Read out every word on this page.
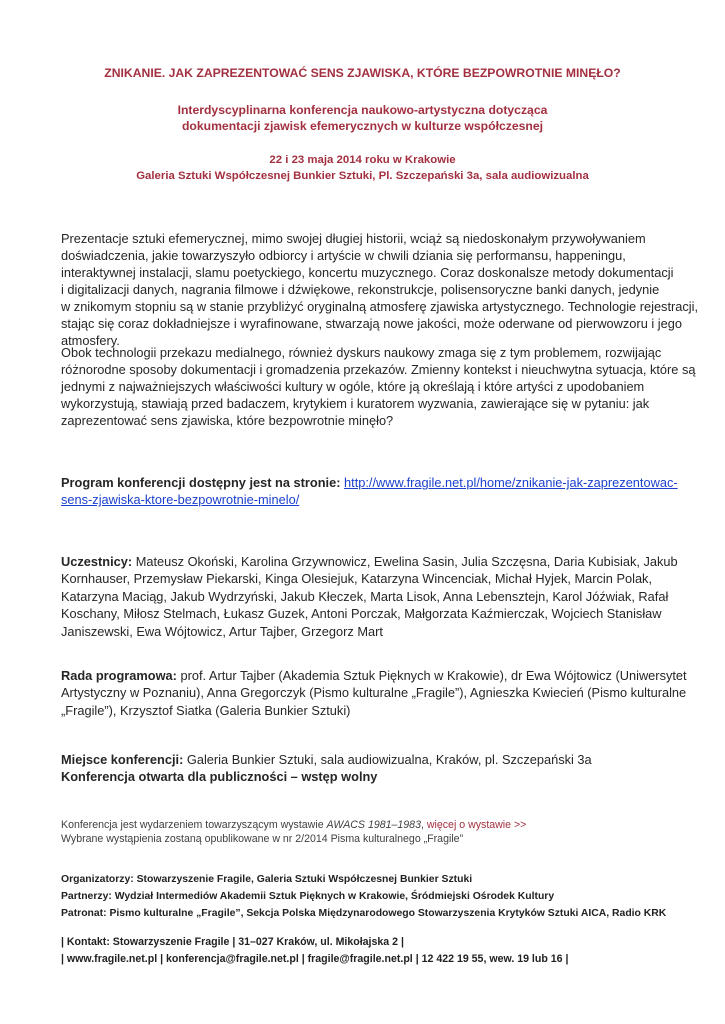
ZNIKANIE. JAK ZAPREZENTOWAĆ SENS ZJAWISKA, KTÓRE BEZPOWROTNIE MINĘŁO?
Interdyscyplinarna konferencja naukowo-artystyczna dotycząca
dokumentacji zjawisk efemerycznych w kulturze współczesnej
22 i 23 maja 2014 roku w Krakowie
Galeria Sztuki Współczesnej Bunkier Sztuki, Pl. Szczepański 3a, sala audiowizualna

Prezentacje sztuki efemerycznej, mimo swojej długiej historii, wciąż są niedoskonałym przywoływaniem
doświadczenia, jakie towarzyszyło odbiorcy i artyście w chwili dziania się performansu, happeningu,
interaktywnej instalacji, slamu poetyckiego, koncertu muzycznego. Coraz doskonalsze metody dokumentacji
i digitalizacji danych, nagrania filmowe i dźwiękowe, rekonstrukcje, polisensoryczne banki danych, jedynie
w znikomym stopniu są w stanie przybliżyć oryginalną atmosferę zjawiska artystycznego. Technologie rejestracji,
stając się coraz dokładniejsze i wyrafinowane, stwarzają nowe jakości, może oderwane od pierwowzoru i jego
atmosfery.

Obok technologii przekazu medialnego, również dyskurs naukowy zmaga się z tym problemem, rozwijając
różnorodne sposoby dokumentacji i gromadzenia przekazów. Zmienny kontekst i nieuchwytna sytuacja, które są
jednymi z najważniejszych właściwości kultury w ogóle, które ją określają i które artyści z upodobaniem
wykorzystują, stawiają przed badaczem, krytykiem i kuratorem wyzwania, zawierające się w pytaniu: jak
zaprezentować sens zjawiska, które bezpowrotnie minęło?

Program konferencji dostępny jest na stronie: http://www.fragile.net.pl/home/znikanie-jak-zaprezentowac-
sens-zjawiska-ktore-bezpowrotnie-minelo/
Uczestnicy: Mateusz Okoński, Karolina Grzywnowicz, Ewelina Sasin, Julia Szczęsna, Daria Kubisiak, Jakub
Kornhauser, Przemysław Piekarski, Kinga Olesiejuk, Katarzyna Wincenciak, Michał Hyjek, Marcin Polak,
Katarzyna Maciąg, Jakub Wydrzyński, Jakub Kłeczek, Marta Lisok, Anna Lebensztejn, Karol Jóźwiak, Rafał
Koschany, Miłosz Stelmach, Łukasz Guzek, Antoni Porczak, Małgorzata Kaźmierczak, Wojciech Stanisław
Janiszewski, Ewa Wójtowicz, Artur Tajber, Grzegorz Mart
Rada programowa: prof. Artur Tajber (Akademia Sztuk Pięknych w Krakowie), dr Ewa Wójtowicz (Uniwersytet
Artystyczny w Poznaniu), Anna Gregorczyk (Pismo kulturalne „Fragile”), Agnieszka Kwiecień (Pismo kulturalne
„Fragile”), Krzysztof Siatka (Galeria Bunkier Sztuki)
Miejsce konferencji: Galeria Bunkier Sztuki, sala audiowizualna, Kraków, pl. Szczepański 3a
Konferencja otwarta dla publiczności – wstęp wolny
Konferencja jest wydarzeniem towarzyszącym wystawie AWACS 1981–1983, więcej o wystawie >>
Wybrane wystąpienia zostaną opublikowane w nr 2/2014 Pisma kulturalnego „Fragile”
Organizatorzy: Stowarzyszenie Fragile, Galeria Sztuki Współczesnej Bunkier Sztuki
Partnerzy: Wydział Intermediów Akademii Sztuk Pięknych w Krakowie, Śródmiejski Ośrodek Kultury
Patronat: Pismo kulturalne „Fragile”, Sekcja Polska Międzynarodowego Stowarzyszenia Krytyków Sztuki AICA, Radio KRK
| Kontakt: Stowarzyszenie Fragile | 31–027 Kraków, ul. Mikołajska 2 |
| www.fragile.net.pl | konferencja@fragile.net.pl | fragile@fragile.net.pl | 12 422 19 55, wew. 19 lub 16 |
